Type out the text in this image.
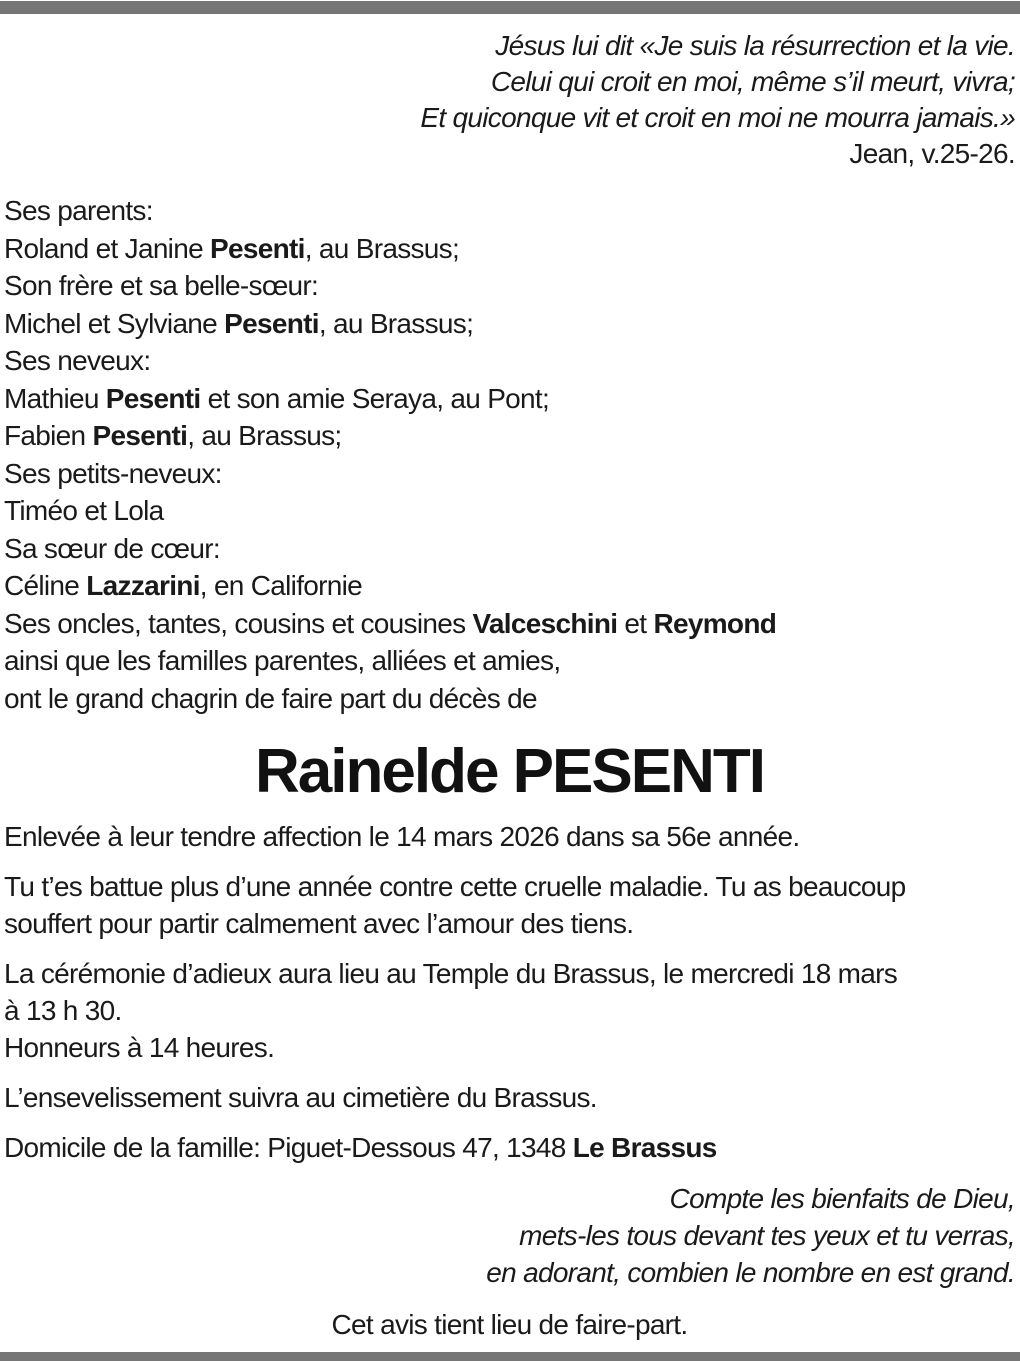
Jésus lui dit «Je suis la résurrection et la vie.
Celui qui croit en moi, même s’il meurt, vivra;
Et quiconque vit et croit en moi ne mourra jamais.»
Jean, v.25-26.
Ses parents:
Roland et Janine Pesenti, au Brassus;
Son frère et sa belle-sœur:
Michel et Sylviane Pesenti, au Brassus;
Ses neveux:
Mathieu Pesenti et son amie Seraya, au Pont;
Fabien Pesenti, au Brassus;
Ses petits-neveux:
Timéo et Lola
Sa sœur de cœur:
Céline Lazzarini, en Californie
Ses oncles, tantes, cousins et cousines Valceschini et Reymond
ainsi que les familles parentes, alliées et amies,
ont le grand chagrin de faire part du décès de
Rainelde PESENTI
Enlevée à leur tendre affection le 14 mars 2026 dans sa 56e année.
Tu t’es battue plus d’une année contre cette cruelle maladie. Tu as beaucoup
souffert pour partir calmement avec l’amour des tiens.
La cérémonie d’adieux aura lieu au Temple du Brassus, le mercredi 18 mars
à 13 h 30.
Honneurs à 14 heures.
L’ensevelissement suivra au cimetière du Brassus.
Domicile de la famille: Piguet-Dessous 47, 1348 Le Brassus
Compte les bienfaits de Dieu,
mets-les tous devant tes yeux et tu verras,
en adorant, combien le nombre en est grand.
Cet avis tient lieu de faire-part.
